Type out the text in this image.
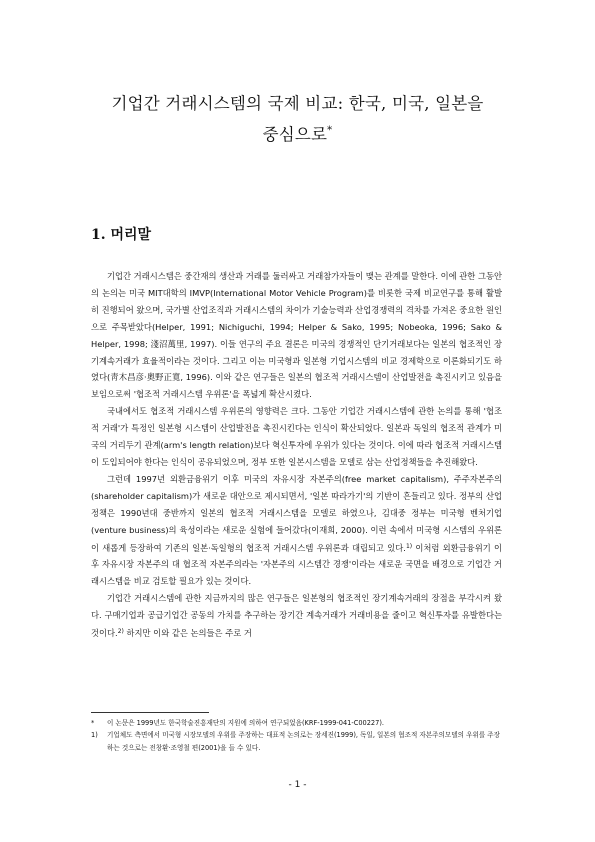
기업간 거래시스템의 국제 비교: 한국, 미국, 일본을
중심으로*
1. 머리말

기업간 거래시스템은 중간재의 생산과 거래를 둘러싸고 거래참가자들이 맺는 관계를 말한다. 이에 관한 그동안의 논의는 미국 MIT대학의 IMVP(International Motor Vehicle Program)를 비롯한 국제 비교연구를 통해 활발히 진행되어 왔으며, 국가별 산업조직과 거래시스템의 차이가 기술능력과 산업경쟁력의 격차를 가져온 중요한 원인으로 주목받았다(Helper, 1991; Nichiguchi, 1994; Helper & Sako, 1995; Nobeoka, 1996; Sako & Helper, 1998; 淺沼萬里, 1997). 이들 연구의 주요 결론은 미국의 경쟁적인 단기거래보다는 일본의 협조적인 장기계속거래가 효율적이라는 것이다. 그리고 이는 미국형과 일본형 기업시스템의 비교 경제학으로 이론화되기도 하였다(靑木昌彦·奧野正寬, 1996). 이와 같은 연구들은 일본의 협조적 거래시스템이 산업발전을 촉진시키고 있음을 보임으로써 '협조적 거래시스템 우위론'을 폭넓게 확산시켰다.

국내에서도 협조적 거래시스템 우위론의 영향력은 크다. 그동안 기업간 거래시스템에 관한 논의를 통해 '협조적 거래'가 특정인 일본형 시스템이 산업발전을 촉진시킨다는 인식이 확산되었다. 일본과 독일의 협조적 관계가 미국의 거리두기 관계(arm's length relation)보다 혁신투자에 우위가 있다는 것이다. 이에 따라 협조적 거래시스템이 도입되어야 한다는 인식이 공유되었으며, 정부 또한 일본시스템을 모델로 삼는 산업정책들을 추진해왔다.

그런데 1997년 외환금융위기 이후 미국의 자유시장 자본주의(free market capitalism), 주주자본주의(shareholder capitalism)가 새로운 대안으로 제시되면서, '일본 따라가기'의 기반이 흔들리고 있다. 정부의 산업정책은 1990년대 중반까지 일본의 협조적 거래시스템을 모델로 하였으나, 김대중 정부는 미국형 벤처기업(venture business)의 육성이라는 새로운 실험에 들어갔다(이재희, 2000). 이런 속에서 미국형 시스템의 우위론이 새롭게 등장하여 기존의 일본·독일형의 협조적 거래시스템 우위론과 대립되고 있다.$^{1)}$ 이처럼 외환금융위기 이후 자유시장 자본주의 대 협조적 자본주의라는 '자본주의 시스템간 경쟁'이라는 새로운 국면을 배경으로 기업간 거래시스템을 비교 검토할 필요가 있는 것이다.

기업간 거래시스템에 관한 지금까지의 많은 연구들은 일본형의 협조적인 장기계속거래의 장점을 부각시켜 왔다. 구매기업과 공급기업간 공동의 가치를 추구하는 장기간 계속거래가 거래비용을 줄이고 혁신투자를 유발한다는 것이다.$^{2)}$ 하지만 이와 같은 논의들은 주로 거

* 이 논문은 1999년도 한국학술진흥재단의 지원에 의하여 연구되었음(KRF-1999-041-C00227).
1) 기업체도 측면에서 미국형 시장모델의 우위를 주장하는 대표적 논의로는 장세진(1999), 독일, 일본의 협조적 자본주의모델의 우위를 주장하는 것으로는 전창환·조영철 편(2001)을 들 수 있다.
- 1 -
